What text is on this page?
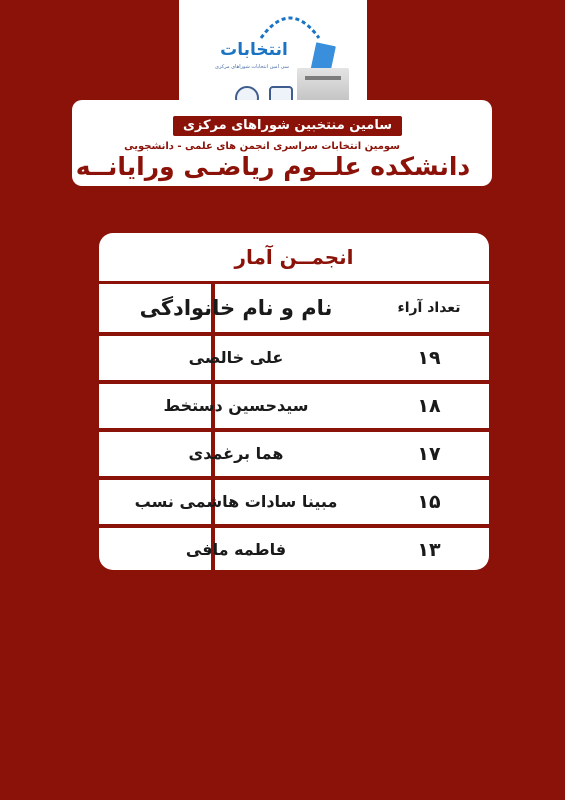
انتخابات
سی امین انتخابات شوراهای مرکزی
سامین منتخبین شوراهای مرکزی
سومین انتخابات سراسری انجمن های علمی - دانشجویی
دانشکده علــوم ریاضـی ورایانــه
انجمــن آمار
نام و نام خانوادگی	تعداد آراء
علی خالصی	۱۹
سیدحسین دستخط	۱۸
هما برغمدی	۱۷
مبینا سادات هاشمی نسب	۱۵
فاطمه مافی	۱۳
